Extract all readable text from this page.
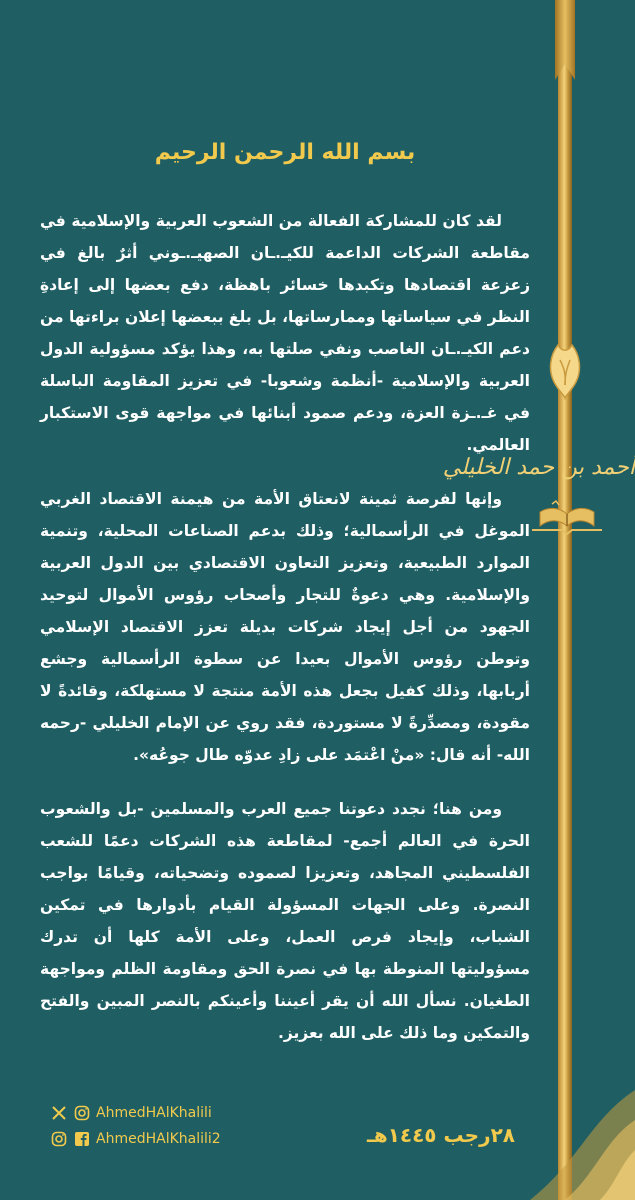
أحمد بن حمد الخليلي
بسم الله الرحمن الرحيم

لقد كان للمشاركة الفعالة من الشعوب العربية والإسلامية في مقاطعة الشركات الداعمة للكيـ.ـان الصهيـ.ـوني أثرٌ بالغ في زعزعة اقتصادها وتكبدها خسائر باهظة، دفع بعضها إلى إعادةِ النظر في سياساتها وممارساتها، بل بلغ ببعضها إعلان براءتها من دعم الكيـ.ـان الغاصب ونفي صلتها به، وهذا يؤكد مسؤولية الدول العربية والإسلامية -أنظمة وشعوبا- في تعزيز المقاومة الباسلة في غـ.ـزة العزة، ودعم صمود أبنائها في مواجهة قوى الاستكبار العالمي.

وإنها لفرصة ثمينة لانعتاق الأمة من هيمنة الاقتصاد الغربي الموغل في الرأسمالية؛ وذلك بدعم الصناعات المحلية، وتنمية الموارد الطبيعية، وتعزيز التعاون الاقتصادي بين الدول العربية والإسلامية. وهي دعوةٌ للتجار وأصحاب رؤوس الأموال لتوحيد الجهود من أجل إيجاد شركات بديلة تعزز الاقتصاد الإسلامي وتوطن رؤوس الأموال بعيدا عن سطوة الرأسمالية وجشع أربابها، وذلك كفيل بجعل هذه الأمة منتجة لا مستهلكة، وقائدةً لا مقودة، ومصدِّرةً لا مستوردة، فقد روي عن الإمام الخليلي -رحمه الله- أنه قال: «منْ اعْتمَد على زادِ عدوّه طال جوعُه».

ومن هنا؛ نجدد دعوتنا جميع العرب والمسلمين -بل والشعوب الحرة في العالم أجمع- لمقاطعة هذه الشركات دعمًا للشعب الفلسطيني المجاهد، وتعزيزا لصموده وتضحياته، وقيامًا بواجب النصرة. وعلى الجهات المسؤولة القيام بأدوارها في تمكين الشباب، وإيجاد فرص العمل، وعلى الأمة كلها أن تدرك مسؤوليتها المنوطة بها في نصرة الحق ومقاومة الظلم ومواجهة الطغيان. نسأل الله أن يقر أعيننا وأعينكم بالنصر المبين والفتح والتمكين وما ذلك على الله بعزيز.

AhmedHAlKhalili
AhmedHAlKhalili2	٢٨رجب ١٤٤٥هـ
